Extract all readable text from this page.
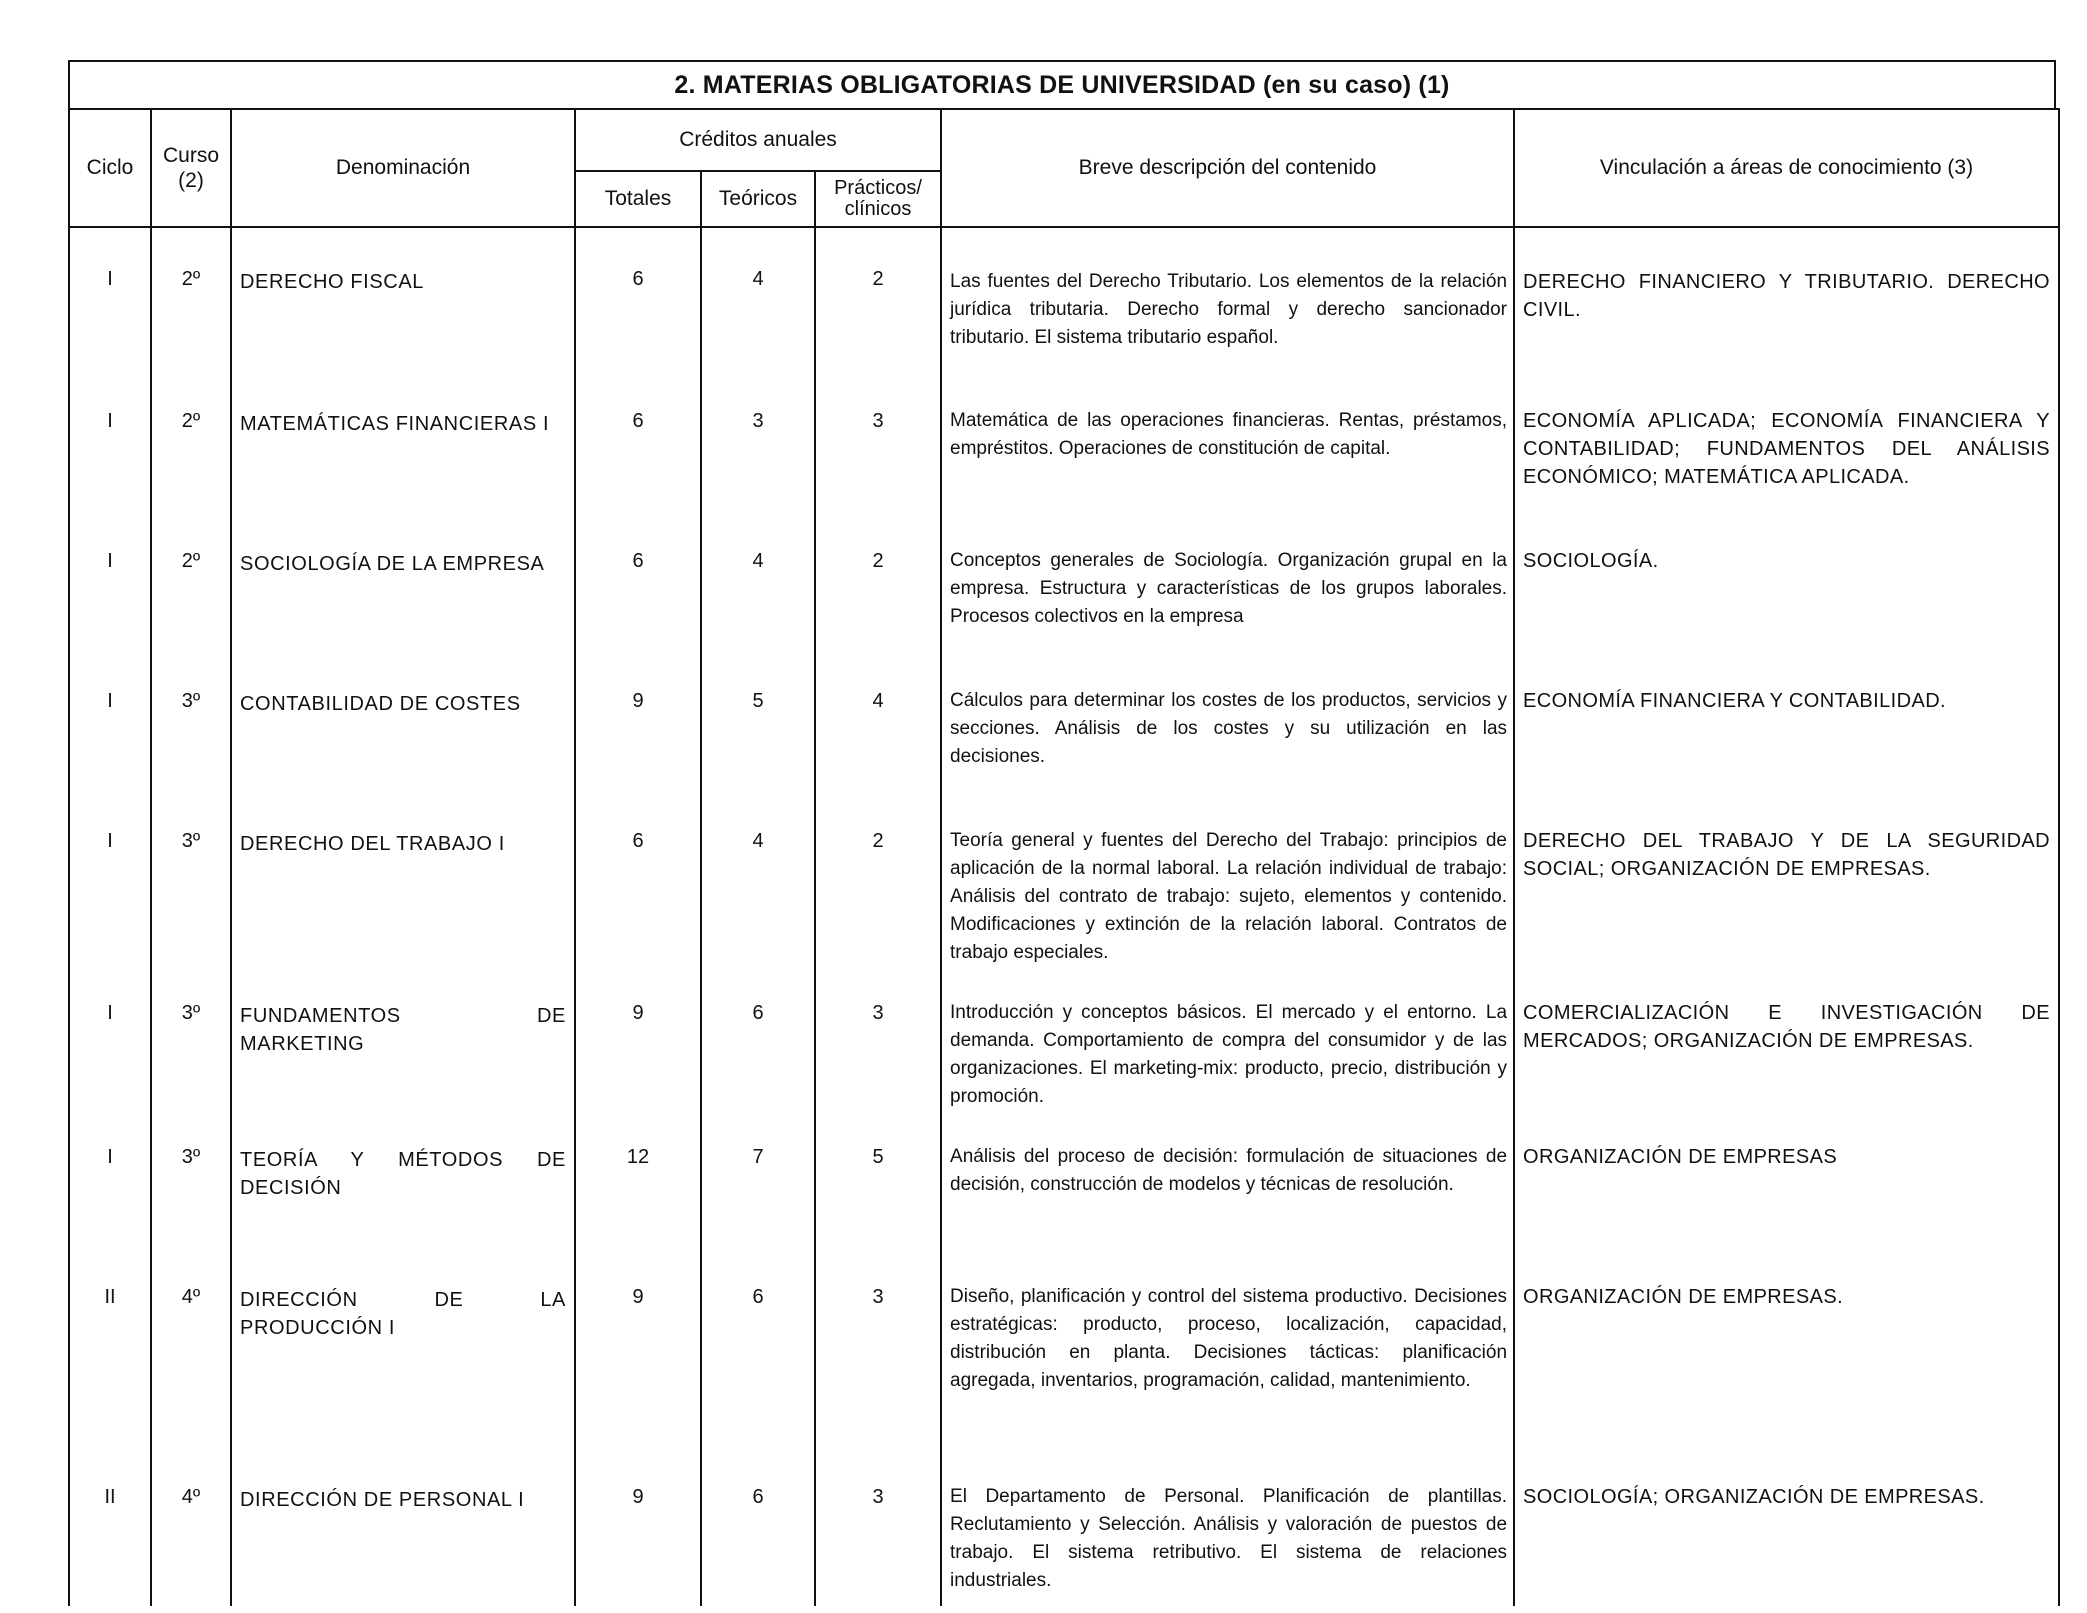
2. MATERIAS OBLIGATORIAS DE UNIVERSIDAD (en su caso) (1)
Ciclo	Curso (2)	Denominación	Créditos anuales			Breve descripción del contenido	Vinculación a áreas de conocimiento (3)
			Totales	Teóricos	Prácticos/ clínicos		
I	2º	DERECHO FISCAL	6	4	2	Las fuentes del Derecho Tributario. Los elementos de la relación jurídica tributaria. Derecho formal y derecho sancionador tributario. El sistema tributario español.	DERECHO FINANCIERO Y TRIBUTARIO. DERECHO CIVIL.
I	2º	MATEMÁTICAS FINANCIERAS I	6	3	3	Matemática de las operaciones financieras. Rentas, préstamos, empréstitos. Operaciones de constitución de capital.	ECONOMÍA APLICADA; ECONOMÍA FINANCIERA Y CONTABILIDAD; FUNDAMENTOS DEL ANÁLISIS ECONÓMICO; MATEMÁTICA APLICADA.
I	2º	SOCIOLOGÍA DE LA EMPRESA	6	4	2	Conceptos generales de Sociología. Organización grupal en la empresa. Estructura y características de los grupos laborales. Procesos colectivos en la empresa	SOCIOLOGÍA.
I	3º	CONTABILIDAD DE COSTES	9	5	4	Cálculos para determinar los costes de los productos, servicios y secciones. Análisis de los costes y su utilización en las decisiones.	ECONOMÍA FINANCIERA Y CONTABILIDAD.
I	3º	DERECHO DEL TRABAJO I	6	4	2	Teoría general y fuentes del Derecho del Trabajo: principios de aplicación de la normal laboral. La relación individual de trabajo: Análisis del contrato de trabajo: sujeto, elementos y contenido. Modificaciones y extinción de la relación laboral. Contratos de trabajo especiales.	DERECHO DEL TRABAJO Y DE LA SEGURIDAD SOCIAL; ORGANIZACIÓN DE EMPRESAS.
I	3º	FUNDAMENTOS DE MARKETING	9	6	3	Introducción y conceptos básicos. El mercado y el entorno. La demanda. Comportamiento de compra del consumidor y de las organizaciones. El marketing-mix: producto, precio, distribución y promoción.	COMERCIALIZACIÓN E INVESTIGACIÓN DE MERCADOS; ORGANIZACIÓN DE EMPRESAS.
I	3º	TEORÍA Y MÉTODOS DE DECISIÓN	12	7	5	Análisis del proceso de decisión: formulación de situaciones de decisión, construcción de modelos y técnicas de resolución.	ORGANIZACIÓN DE EMPRESAS
II	4º	DIRECCIÓN DE LA PRODUCCIÓN I	9	6	3	Diseño, planificación y control del sistema productivo. Decisiones estratégicas: producto, proceso, localización, capacidad, distribución en planta. Decisiones tácticas: planificación agregada, inventarios, programación, calidad, mantenimiento.	ORGANIZACIÓN DE EMPRESAS.
II	4º	DIRECCIÓN DE PERSONAL I	9	6	3	El Departamento de Personal. Planificación de plantillas. Reclutamiento y Selección. Análisis y valoración de puestos de trabajo. El sistema retributivo. El sistema de relaciones industriales.	SOCIOLOGÍA; ORGANIZACIÓN DE EMPRESAS.
